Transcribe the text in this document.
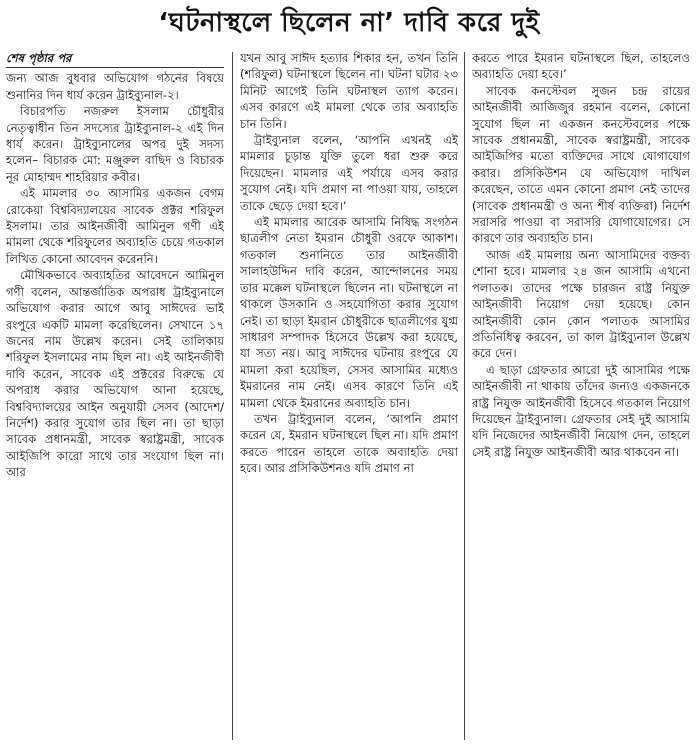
‘ঘটনাস্থলে ছিলেন না’ দাবি করে দুই
শেষ পৃষ্ঠার পর

জন্য আজ বুধবার অভিযোগ গঠনের বিষয়ে শুনানির দিন ধার্য করেন ট্রাইব্যুনাল-২।

বিচারপতি নজরুল ইসলাম চৌধুরীর নেতৃত্বাধীন তিন সদস্যের ট্রাইব্যুনাল-২ এই দিন ধার্য করেন। ট্রাইব্যুনালের অপর দুই সদস্য হলেন– বিচারক মো: মঞ্জুরুল বাছিদ ও বিচারক নূর মোহাম্মদ শাহরিয়ার কবীর।

এই মামলার ৩০ আসামির একজন বেগম রোকেয়া বিশ্ববিদ্যালয়ের সাবেক প্রক্টর শরিফুল ইসলাম। তার আইনজীবী আমিনুল গণী এই মামলা থেকে শরিফুলের অব্যাহতি চেয়ে গতকাল লিখিত কোনো আবেদন করেননি।

মৌখিকভাবে অব্যাহতির আবেদনে আমিনুল গণী বলেন, আন্তর্জাতিক অপরাধ ট্রাইব্যুনালে অভিযোগ করার আগে আবু সাঈদের ভাই রংপুরে একটি মামলা করেছিলেন। সেখানে ১৭ জনের নাম উল্লেখ করেন। সেই তালিকায় শরিফুল ইসলামের নাম ছিল না। এই আইনজীবী দাবি করেন, সাবেক এই প্রক্টরের বিরুদ্ধে যে অপরাধ করার অভিযোগ আনা হয়েছে, বিশ্ববিদ্যালয়ের আইন অনুযায়ী সেসব (আদেশ/নির্দেশ) করার সুযোগ তার ছিল না। তা ছাড়া সাবেক প্রধানমন্ত্রী, সাবেক স্বরাষ্ট্রমন্ত্রী, সাবেক আইজিপি কারো সাথে তার সংযোগ ছিল না। আর

যখন আবু সাঈদ হত্যার শিকার হন, তখন তিনি (শরিফুল) ঘটনাস্থলে ছিলেন না। ঘটনা ঘটার ২৩ মিনিট আগেই তিনি ঘটনাস্থল ত্যাগ করেন। এসব কারণে এই মামলা থেকে তার অব্যাহতি চান তিনি।

ট্রাইব্যুনাল বলেন, ‘আপনি এখনই এই মামলার চূড়ান্ত যুক্তি তুলে ধরা শুরু করে দিয়েছেন। মামলার এই পর্যায়ে এসব করার সুযোগ নেই। যদি প্রমাণ না পাওয়া যায়, তাহলে তাকে ছেড়ে দেয়া হবে।’

এই মামলার আরেক আসামি নিষিদ্ধ সংগঠন ছাত্রলীগ নেতা ইমরান চৌধুরী ওরফে আকাশ। গতকাল শুনানিতে তার আইনজীবী সালাহউদ্দিন দাবি করেন, আন্দোলনের সময় তার মক্কেল ঘটনাস্থলে ছিলেন না। ঘটনাস্থলে না থাকলে উসকানি ও সহযোগিতা করার সুযোগ নেই। তা ছাড়া ইমরান চৌধুরীকে ছাত্রলীগের যুগ্ম সাধারণ সম্পাদক হিসেবে উল্লেখ করা হয়েছে, যা সত্য নয়। আবু সাঈদের ঘটনায় রংপুরে যে মামলা করা হয়েছিল, সেসব আসামির মধ্যেও ইমরানের নাম নেই। এসব কারণে তিনি এই মামলা থেকে ইমরানের অব্যাহতি চান।

তখন ট্রাইব্যুনাল বলেন, ‘আপনি প্রমাণ করেন যে, ইমরান ঘটনাস্থলে ছিল না। যদি প্রমাণ করতে পারেন তাহলে তাকে অব্যাহতি দেয়া হবে। আর প্রসিকিউশনও যদি প্রমাণ না

করতে পারে ইমরান ঘটনাস্থলে ছিল, তাহলেও অব্যাহতি দেয়া হবে।’

সাবেক কনস্টেবল সুজন চন্দ্র রায়ের আইনজীবী আজিজুর রহমান বলেন, কোনো সুযোগ ছিল না একজন কনস্টেবলের পক্ষে সাবেক প্রধানমন্ত্রী, সাবেক স্বরাষ্ট্রমন্ত্রী, সাবেক আইজিপির মতো ব্যক্তিদের সাথে যোগাযোগ করার। প্রসিকিউশন যে অভিযোগ দাখিল করেছেন, তাতে এমন কোনো প্রমাণ নেই তাদের (সাবেক প্রধানমন্ত্রী ও অন্য শীর্ষ ব্যক্তিরা) নির্দেশ সরাসরি পাওয়া বা সরাসরি যোগাযোগের। সে কারণে তার অব্যাহতি চান।

আজ এই মামলায় অন্য আসামিদের বক্তব্য শোনা হবে। মামলার ২৪ জন আসামি এখনো পলাতক। তাদের পক্ষে চারজন রাষ্ট্র নিযুক্ত আইনজীবী নিয়োগ দেয়া হয়েছে। কোন আইনজীবী কোন কোন পলাতক আসামির প্রতিনিধিত্ব করবেন, তা কাল ট্রাইব্যুনাল উল্লেখ করে দেন।

এ ছাড়া গ্রেফতার আরো দুই আসামির পক্ষে আইনজীবী না থাকায় তাঁদের জন্যও একজনকে রাষ্ট্র নিযুক্ত আইনজীবী হিসেবে গতকাল নিয়োগ দিয়েছেন ট্রাইব্যুনাল। গ্রেফতার সেই দুই আসামি যদি নিজেদের আইনজীবী নিয়োগ দেন, তাহলে সেই রাষ্ট্র নিযুক্ত আইনজীবী আর থাকবেন না।
